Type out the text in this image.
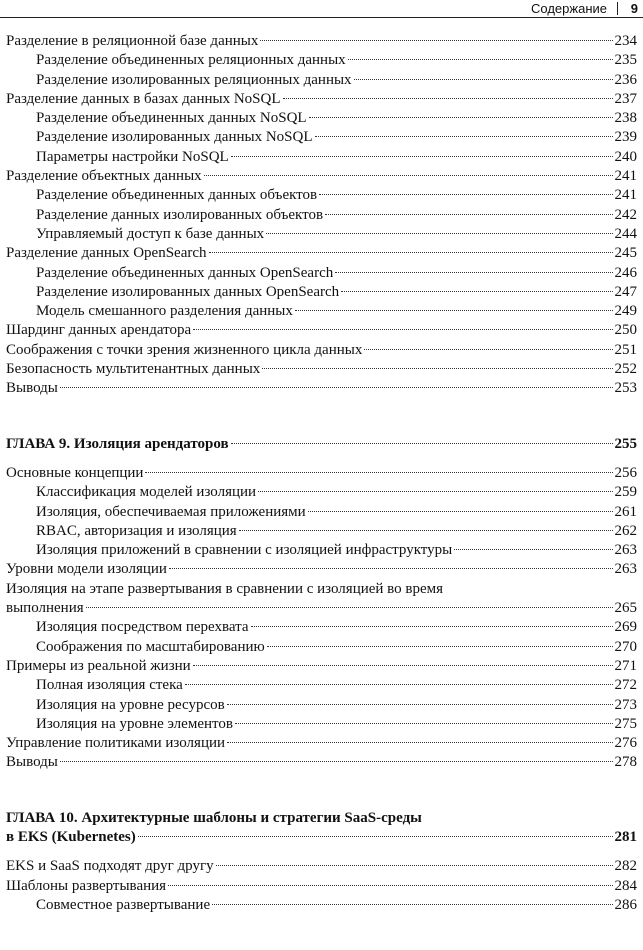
Содержание 9
Разделение в реляционной базе данных	234
Разделение объединенных реляционных данных	235
Разделение изолированных реляционных данных	236
Разделение данных в базах данных NoSQL	237
Разделение объединенных данных NoSQL	238
Разделение изолированных данных NoSQL	239
Параметры настройки NoSQL	240
Разделение объектных данных	241
Разделение объединенных данных объектов	241
Разделение данных изолированных объектов	242
Управляемый доступ к базе данных	244
Разделение данных OpenSearch	245
Разделение объединенных данных OpenSearch	246
Разделение изолированных данных OpenSearch	247
Модель смешанного разделения данных	249
Шардинг данных арендатора	250
Соображения с точки зрения жизненного цикла данных	251
Безопасность мультитенантных данных	252
Выводы	253
ГЛАВА 9. Изоляция арендаторов	255
Основные концепции	256
Классификация моделей изоляции	259
Изоляция, обеспечиваемая приложениями	261
RBAC, авторизация и изоляция	262
Изоляция приложений в сравнении с изоляцией инфраструктуры	263
Уровни модели изоляции	263
Изоляция на этапе развертывания в сравнении с изоляцией во время
выполнения	265
Изоляция посредством перехвата	269
Соображения по масштабированию	270
Примеры из реальной жизни	271
Полная изоляция стека	272
Изоляция на уровне ресурсов	273
Изоляция на уровне элементов	275
Управление политиками изоляции	276
Выводы	278
ГЛАВА 10. Архитектурные шаблоны и стратегии SaaS-среды
в EKS (Kubernetes)	281
EKS и SaaS подходят друг другу	282
Шаблоны развертывания	284
Совместное развертывание	286
